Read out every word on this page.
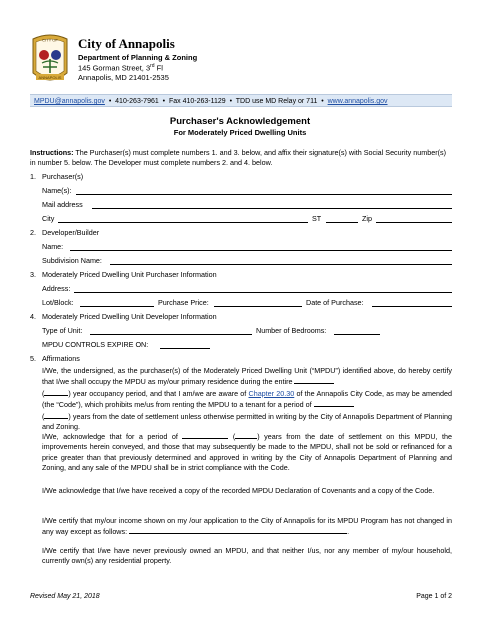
CITY OF
ANNAPOLIS
City of Annapolis
Department of Planning & Zoning
145 Gorman Street, 3rd Fl
Annapolis, MD 21401-2535
MPDU@annapolis.gov • 410-263-7961 • Fax 410-263-1129 • TDD use MD Relay or 711 • www.annapolis.gov
Purchaser's Acknowledgement
For Moderately Priced Dwelling Units
Instructions: The Purchaser(s) must complete numbers 1. and 3. below, and affix their signature(s) with Social Security number(s) in number 5. below. The Developer must complete numbers 2. and 4. below.
1. Purchaser(s)
Name(s):
Mail address
City	ST	Zip
2. Developer/Builder
Name:
Subdivision Name:
3. Moderately Priced Dwelling Unit Purchaser Information
Address:
Lot/Block:	Purchase Price:	Date of Purchase:
4. Moderately Priced Dwelling Unit Developer Information
Type of Unit:	Number of Bedrooms:
MPDU CONTROLS EXPIRE ON:
5. Affirmations
I/We, the undersigned, as the purchaser(s) of the Moderately Priced Dwelling Unit (“MPDU”) identified above, do hereby certify that I/we shall occupy the MPDU as my/our primary residence during the entire
(	) year occupancy period, and that I am/we are aware of Chapter 20.30 of the Annapolis City Code, as may be amended (the “Code”), which prohibits me/us from renting the MPDU to a tenant for a period of
(	) years from the date of settlement unless otherwise permitted in writing by the City of Annapolis Department of Planning and Zoning.
I/We, acknowledge that for a period of	(	) years from the date of settlement on this MPDU, the improvements herein conveyed, and those that may subsequently be made to the MPDU, shall not be sold or refinanced for a price greater than that previously determined and approved in writing by the City of Annapolis Department of Planning and Zoning, and any sale of the MPDU shall be in strict compliance with the Code.
I/We acknowledge that I/we have received a copy of the recorded MPDU Declaration of Covenants and a copy of the Code.
I/We certify that my/our income shown on my /our application to the City of Annapolis for its MPDU Program has not changed in any way except as follows:	.
I/We certify that I/we have never previously owned an MPDU, and that neither I/us, nor any member of my/our household, currently own(s) any residential property.
Revised May 21, 2018	Page 1 of 2
